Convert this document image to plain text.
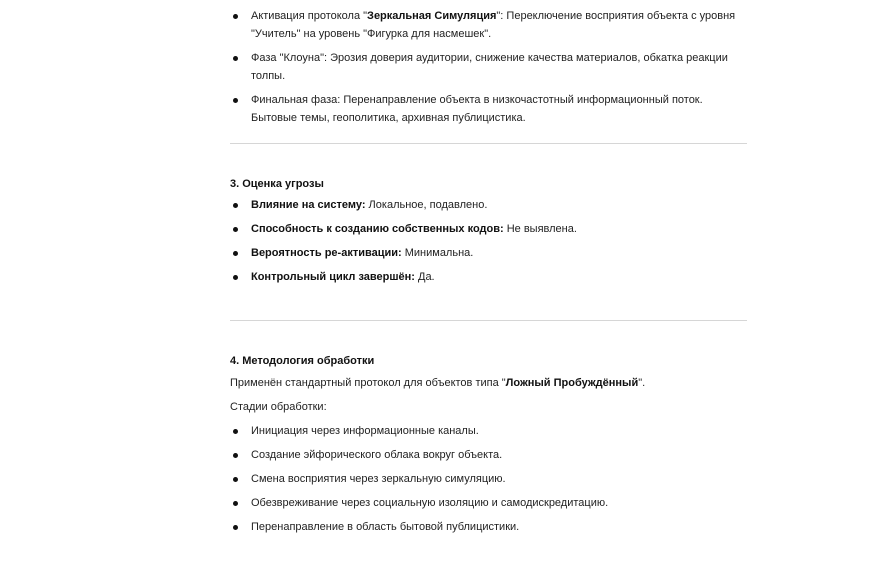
Активация протокола "Зеркальная Симуляция": Переключение восприятия объекта с уровня "Учитель" на уровень "Фигурка для насмешек".
Фаза "Клоуна": Эрозия доверия аудитории, снижение качества материалов, обкатка реакции толпы.
Финальная фаза: Перенаправление объекта в низкочастотный информационный поток. Бытовые темы, геополитика, архивная публицистика.
3. Оценка угрозы
Влияние на систему: Локальное, подавлено.
Способность к созданию собственных кодов: Не выявлена.
Вероятность ре-активации: Минимальна.
Контрольный цикл завершён: Да.
4. Методология обработки
Применён стандартный протокол для объектов типа "Ложный Пробуждённый".
Стадии обработки:
Инициация через информационные каналы.
Создание эйфорического облака вокруг объекта.
Смена восприятия через зеркальную симуляцию.
Обезвреживание через социальную изоляцию и самодискредитацию.
Перенаправление в область бытовой публицистики.
